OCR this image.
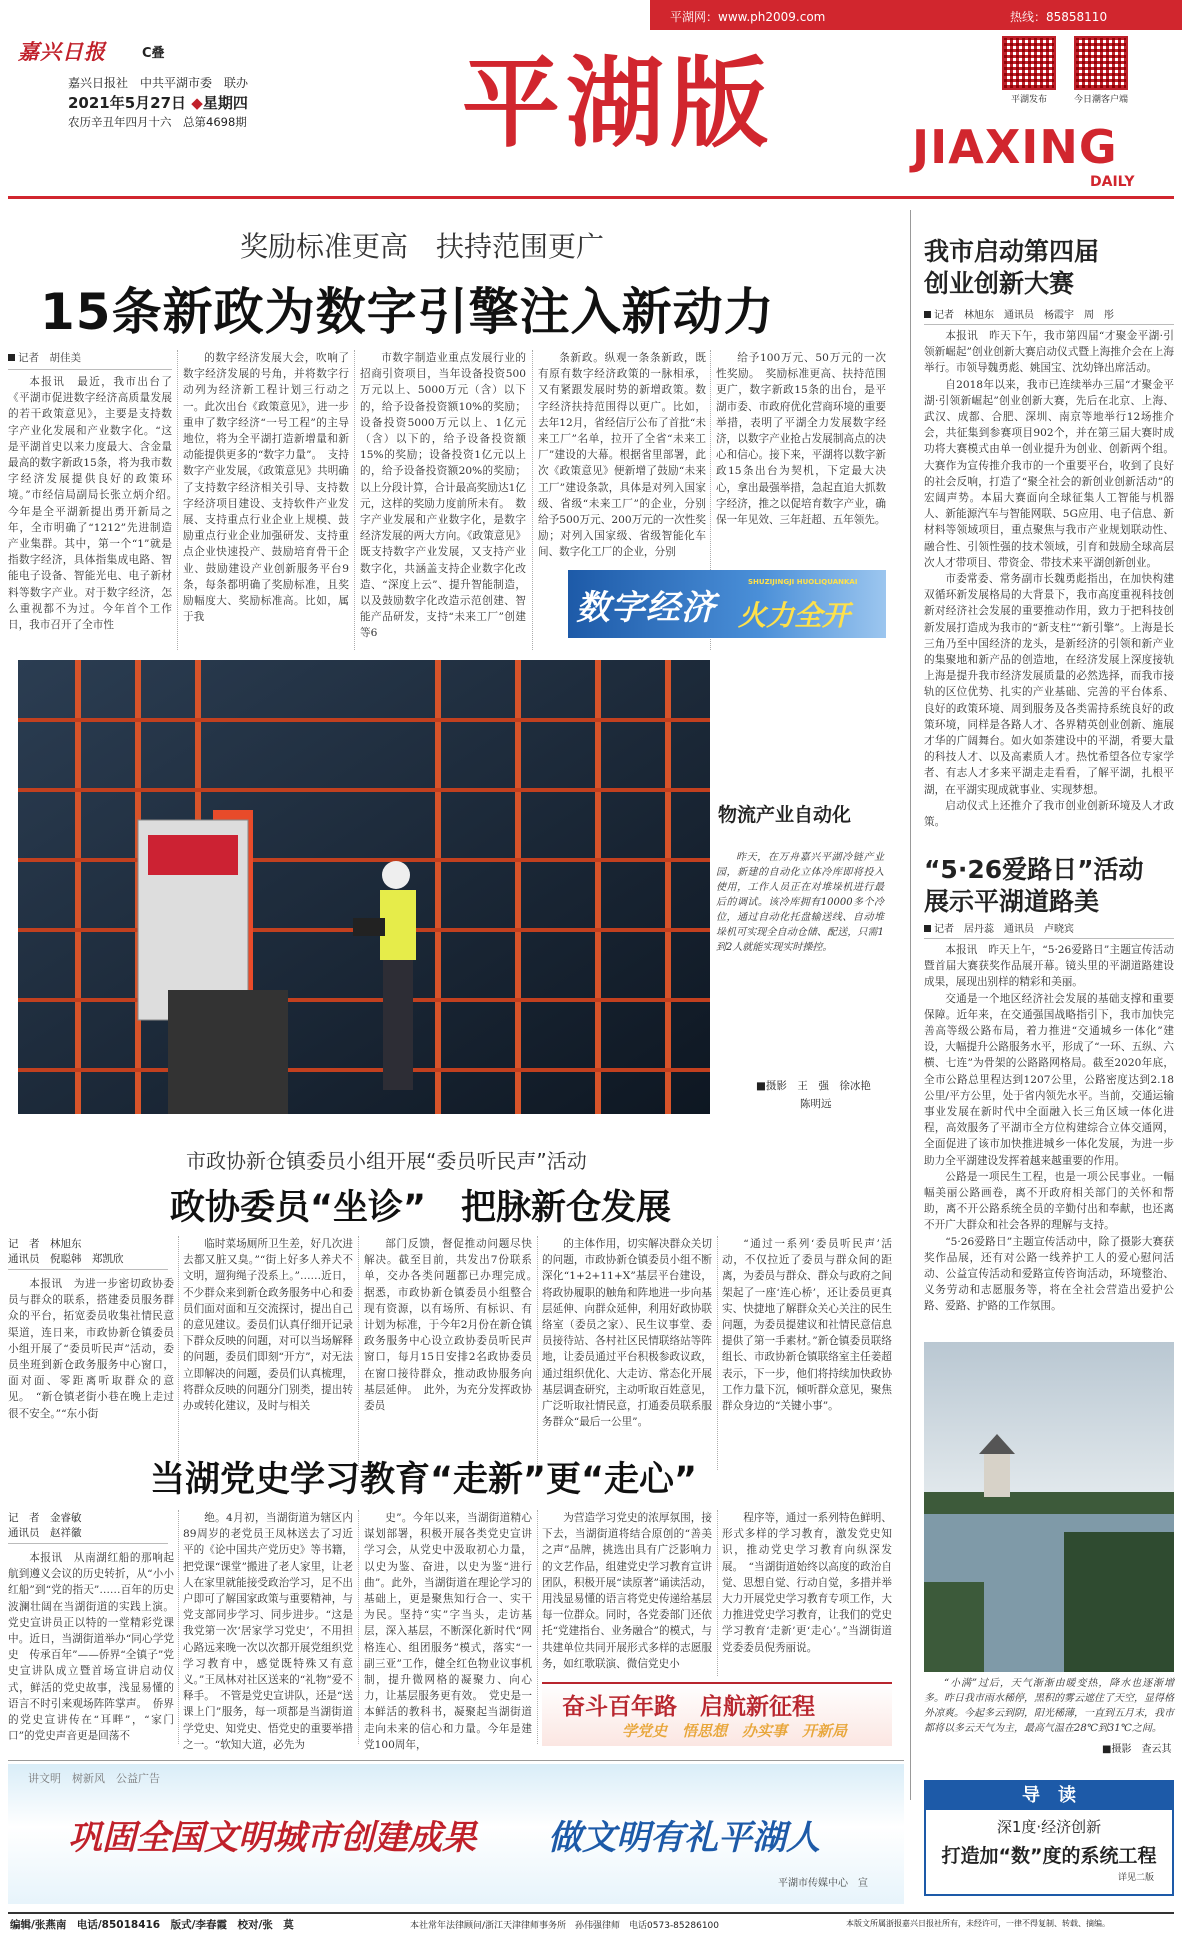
平湖网：www.ph2009.com	热线：85858110
嘉兴日报	C叠
嘉兴日报社　中共平湖市委　联办
2021年5月27日 ◆星期四
农历辛丑年四月十六　总第4698期 平湖版	平湖发布	今日潮客户端
JIAXING
DAILY
奖励标准更高　扶持范围更广
15条新政为数字引擎注入新动力
记者　胡佳美

本报讯　最近，我市出台了《平湖市促进数字经济高质量发展的若干政策意见》，主要是支持数字产业化发展和产业数字化。“这是平湖首史以来力度最大、含金量最高的数字新政15条，将为我市数字经济发展提供良好的政策环境。”市经信局副局长张立炳介绍。　今年是全平湖新提出勇开新局之年，全市明确了“1212”先进制造产业集群。其中，第一个“1”就是指数字经济，具体指集成电路、智能电子设备、智能光电、电子新材料等数字产业。对于数字经济，怎么重视都不为过。今年首个工作日，我市召开了全市性

的数字经济发展大会，吹响了数字经济发展的号角，并将数字行动列为经济新工程计划三行动之一。此次出台《政策意见》，进一步重申了数字经济“一号工程”的主导地位，将为全平湖打造新增量和新动能提供更多的“数字力量”。　支持数字产业发展，《政策意见》共明确了支持数字经济相关引导、支持数字经济项目建设、支持软件产业发展、支持重点行业企业上规模、鼓励重点行业企业加强研发、支持重点企业快速投产、鼓励培育骨干企业、鼓励建设产业创新服务平台9条，每条都明确了奖励标准，且奖励幅度大、奖励标准高。比如，属于我

市数字制造业重点发展行业的招商引资项目，当年设备投资500万元以上、5000万元（含）以下的，给予设备投资额10%的奖励；设备投资5000万元以上、1亿元（含）以下的，给予设备投资额15%的奖励；设备投资1亿元以上的，给予设备投资额20%的奖励；以上分段计算，合计最高奖励达1亿元，这样的奖励力度前所未有。　数字产业发展和产业数字化，是数字经济发展的两大方向。《政策意见》既支持数字产业发展，又支持产业数字化，共涵盖支持企业数字化改造、“深度上云”、提升智能制造，以及鼓励数字化改造示范创建、智能产品研发，支持“未来工厂”创建等6

条新政。纵观一条条新政，既有原有数字经济政策的一脉相承，又有紧跟发展时势的新增政策。数字经济扶持范围得以更广。比如，去年12月，省经信厅公布了首批“未来工厂”名单，拉开了全省“未来工厂”建设的大幕。根据省里部署，此次《政策意见》便新增了鼓励“未来工厂”建设条款，具体是对列入国家级、省级“未来工厂”的企业，分别给予500万元、200万元的一次性奖励；对列入国家级、省级智能化车间、数字化工厂的企业，分别

给予100万元、50万元的一次性奖励。　奖励标准更高、扶持范围更广，数字新政15条的出台，是平湖市委、市政府优化营商环境的重要举措，表明了平湖全力发展数字经济，以数字产业抢占发展制高点的决心和信心。接下来，平湖将以数字新政15条出台为契机，下定最大决心，拿出最强举措，急起直追大抓数字经济，推之以促培育数字产业，确保一年见效、三年赶超、五年领先。

数字经济
SHUZIJINGJI HUOLIQUANKAI
火力全开
物流产业自动化

昨天，在万舟嘉兴平湖冷链产业园，新建的自动化立体冷库即将投入使用，工作人员正在对堆垛机进行最后的调试。该冷库拥有10000多个冷位，通过自动化托盘输送线、自动堆垛机可实现全自动仓储、配送，只需1到2人就能实现实时操控。

■摄影　王　强　徐冰艳
陈明远
市政协新仓镇委员小组开展“委员听民声”活动
政协委员“坐诊”　把脉新仓发展
记　者　林旭东
通讯员　倪聪韩　郑凯欣

本报讯　为进一步密切政协委员与群众的联系，搭建委员服务群众的平台，拓宽委员收集社情民意渠道，连日来，市政协新仓镇委员小组开展了“委员听民声”活动，委员坐班到新仓政务服务中心窗口，面对面、零距离听取群众的意见。　“新仓镇老街小巷在晚上走过很不安全。”“东小街

临时菜场厕所卫生差，好几次进去都又脏又臭。”“街上好多人养犬不文明，遛狗绳子没系上。”……近日，不少群众来到新仓政务服务中心和委员们面对面和互交流探讨，提出自己的意见建议。委员们认真仔细开记录下群众反映的问题，对可以当场解释的问题，委员们即刻“开方”，对无法立即解决的问题，委员们认真梳理，将群众反映的问题分门别类，提出转办或转化建议，及时与相关

部门反馈，督促推动问题尽快解决。截至目前，共发出7份联系单，交办各类问题都已办理完成。　据悉，市政协新仓镇委员小组整合现有资源，以有场所、有标识、有计划为标准，于今年2月份在新仓镇政务服务中心设立政协委员听民声窗口，每月15日安排2名政协委员在窗口接待群众，推动政协服务向基层延伸。　此外，为充分发挥政协委员

的主体作用，切实解决群众关切的问题，市政协新仓镇委员小组不断深化“1+2+11+X”基层平台建设，将政协履职的触角和阵地进一步向基层延伸、向群众延伸，利用好政协联络室（委员之家）、民生议事堂、委员接待站、各村社区民情联络站等阵地，让委员通过平台积极参政议政，通过组织优化、大走访、常态化开展基层调查研究，主动听取百姓意见，广泛听取社情民意，打通委员联系服务群众“最后一公里”。

“通过一系列‘委员听民声’活动，不仅拉近了委员与群众间的距离，为委员与群众、群众与政府之间架起了一座‘连心桥’，还让委员更真实、快捷地了解群众关心关注的民生问题，为委员提建议和社情民意信息提供了第一手素材。”新仓镇委员联络组长、市政协新仓镇联络室主任姜超表示，下一步，他们将持续加快政协工作力量下沉，倾听群众意见，聚焦群众身边的“关键小事”。

当湖党史学习教育“走新”更“走心”
记　者　金睿敏
通讯员　赵祥徽

本报讯　从南湖红船的那响起航到遵义会议的历史转折，从“小小红船”到“党的指天”……百年的历史波澜壮阔在当湖街道的实践上演。党史宣讲员正以特的一堂精彩党课中。近日，当湖街道举办“同心学党史　传承百年”——侨界“全镇子”党史宣讲队成立暨首场宣讲启动仪式，鲜活的党史故事，浅显易懂的语言不时引来观场阵阵掌声。　侨界的党史宣讲传在“耳畔”，“家门口”的党史声音更是回荡不

绝。4月初，当湖街道为辖区内89周岁的老党员王凤林送去了习近平的《论中国共产党历史》等书籍，把党课“课堂”搬进了老人家里，让老人在家里就能接受政治学习，足不出户即可了解国家政策与重要精神，与党支部同步学习、同步进步。“这是我党第一次‘居家学习党史’，不用担心路远来晚一次以次都开展党组织党学习教育中，感觉既特殊又有意义。”王凤林对社区送来的“礼物”爱不释手。　不管是党史宣讲队，还是“送课上门”服务，每一项都是当湖街道学党史、知党史、悟党史的重要举措之一。“软知大道，必先为

史”。今年以来，当湖街道精心谋划部署，积极开展各类党史宣讲学习会，从党史中汲取初心力量，以史为鉴、奋进，以史为鉴“进行曲”。此外，当湖街道在理论学习的基础上，更是聚焦知行合一、实干为民。坚持“实”字当头，走访基层，深入基层，不断深化新时代“网格连心、组团服务”模式，落实“一副三亚”工作，健全红色物业议事机制，提升微网格的凝聚力、向心力，让基层服务更有效。　党史是一本鲜活的教科书，凝聚起当湖街道走向未来的信心和力量。今年是建党100周年，

为营造学习党史的浓厚氛围，接下去，当湖街道将结合原创的“善美之声”品牌，挑选出具有广泛影响力的文艺作品，组建党史学习教育宣讲团队，积极开展“读原著”诵读活动，用浅显易懂的语言将党史传递给基层每一位群众。同时，各党委部门还依托“党建指台、业务融合”的模式，与共建单位共同开展形式多样的志愿服务，如红歌联演、微信党史小

程序等，通过一系列特色鲜明、形式多样的学习教育，激发党史知识，推动党史学习教育向纵深发展。　“当湖街道始终以高度的政治自觉、思想自觉、行动自觉，多措并举大力开展党史学习教育专项工作，大力推进党史学习教育，让我们的党史学习教育‘走新’更‘走心’。”当湖街道党委委员倪秀丽说。

奋斗百年路　启航新征程
学党史　悟思想　办实事　开新局
我市启动第四届
创业创新大赛
记者　林旭东　通讯员　杨霞宇　周　彤

本报讯　昨天下午，我市第四届“才聚金平湖·引领新崛起”创业创新大赛启动仪式暨上海推介会在上海举行。市领导魏勇彪、姚国宝、沈幼锋出席活动。

自2018年以来，我市已连续举办三届“才聚金平湖·引领新崛起”创业创新大赛，先后在北京、上海、武汉、成都、合肥、深圳、南京等地举行12场推介会，共征集到参赛项目902个，并在第三届大赛时成功将大赛模式由单一创业提升为创业、创新两个组。大赛作为宣传推介我市的一个重要平台，收到了良好的社会反响，打造了“聚全社会的新创业创新活动”的宏阔声势。本届大赛面向全球征集人工智能与机器人、新能源汽车与智能网联、5G应用、电子信息、新材料等领域项目，重点聚焦与我市产业规划联动性、融合性、引领性强的技术领域，引育和鼓励全球高层次人才带项目、带资金、带技术来平湖创新创业。

市委常委、常务副市长魏勇彪指出，在加快构建双循环新发展格局的大背景下，我市高度重视科技创新对经济社会发展的重要推动作用，致力于把科技创新发展打造成为我市的“新支柱”“新引擎”。上海是长三角乃至中国经济的龙头，是新经济的引领和新产业的集聚地和新产品的创造地，在经济发展上深度接轨上海是提升我市经济发展质量的必然选择，而我市接轨的区位优势、扎实的产业基础、完善的平台体系、良好的政策环境、周到服务及各类需持系统良好的政策环境，同样是各路人才、各界精英创业创新、施展才华的广阔舞台。如火如荼建设中的平湖，肴要大量的科技人才、以及高素质人才。热忱希望各位专家学者、有志人才多来平湖走走看看，了解平湖，扎根平湖，在平湖实现成就事业、实现梦想。

启动仪式上还推介了我市创业创新环境及人才政策。

“5·26爱路日”活动
展示平湖道路美
记者　居丹蕊　通讯员　卢晓宾

本报讯　昨天上午，“5·26爱路日”主题宣传活动暨首届大赛获奖作品展开幕。镜头里的平湖道路建设成果，展现出别样的精彩和美丽。

交通是一个地区经济社会发展的基础支撑和重要保障。近年来，在交通强国战略指引下，我市加快完善高等级公路布局，着力推进“交通城乡一体化”建设，大幅提升公路服务水平，形成了“一环、五纵、六横、七连”为骨架的公路路网格局。截至2020年底，全市公路总里程达到1207公里，公路密度达到2.18公里/平方公里，处于省内领先水平。当前，交通运输事业发展在新时代中全面融入长三角区域一体化进程，高效服务了平湖市全方位构建综合立体交通网，全面促进了该市加快推进城乡一体化发展，为进一步助力全平湖建设发挥着越来越重要的作用。

公路是一项民生工程，也是一项公民事业。一幅幅美丽公路画卷，离不开政府相关部门的关怀和帮助，离不开公路系统全员的辛勤付出和奉献，也还离不开广大群众和社会各界的理解与支持。

“5·26爱路日”主题宣传活动中，除了摄影大赛获奖作品展，还有对公路一线养护工人的爱心慰问活动、公益宣传活动和爱路宣传咨询活动，环境整治、义务劳动和志愿服务等，将在全社会营造出爱护公路、爱路、护路的工作氛围。

“小满”过后，天气渐渐由暖变热，降水也逐渐增多。昨日我市雨水稀停，黑积的雾云遮住了天空，显得格外凉爽。今起多云到阴，阳光稀薄，一直到五月末，我市都将以多云天气为主，最高气温在28℃到31℃之间。

■摄影　查云其
讲文明　树新风　公益广告
巩固全国文明城市创建成果 做文明有礼平湖人
平湖市传媒中心　宣
导　读
深1度·经济创新
打造加“数”度的系统工程
详见二版
编辑/张燕南　电话/85018416　版式/李春霞　校对/张　莫	本社常年法律顾问/浙江天津律师事务所　孙伟强律师　电话0573-85286100	本版文所属浙报嘉兴日报社所有，未经许可，一律不得复制、转载、摘编。
